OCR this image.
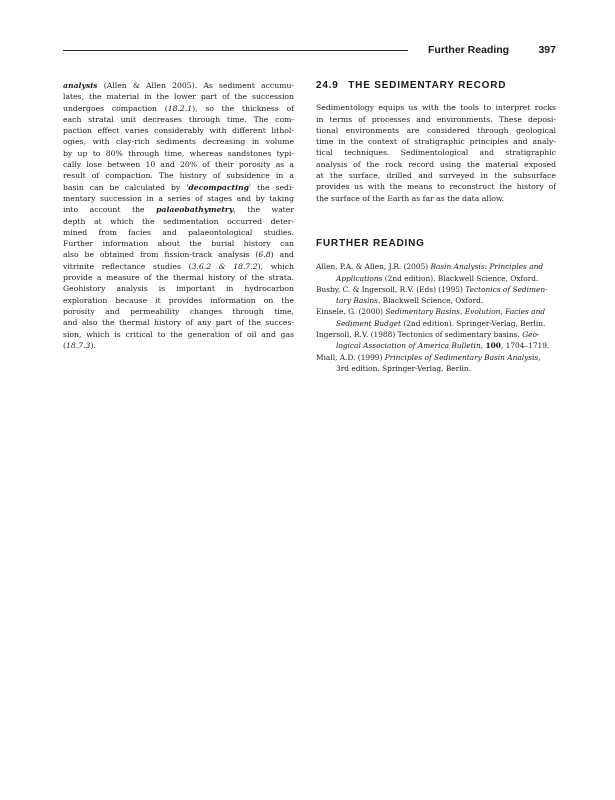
Further Reading	397
analysis (Allen & Allen 2005). As sediment accumu-
lates, the material in the lower part of the succession
undergoes compaction (18.2.1), so the thickness of
each stratal unit decreases through time. The com-
paction effect varies considerably with different lithol-
ogies, with clay-rich sediments decreasing in volume
by up to 80% through time, whereas sandstones typi-
cally lose between 10 and 20% of their porosity as a
result of compaction. The history of subsidence in a
basin can be calculated by 'decompacting' the sedi-
mentary succession in a series of stages and by taking
into account the palaeobathymetry, the water
depth at which the sedimentation occurred deter-
mined from facies and palaeontological studies.
Further information about the burial history can
also be obtained from fission-track analysis (6.8) and
vitrinite reflectance studies (3.6.2 & 18.7.2), which
provide a measure of the thermal history of the strata.
Geohistory analysis is important in hydrocarbon
exploration because it provides information on the
porosity and permeability changes through time,
and also the thermal history of any part of the succes-
sion, which is critical to the generation of oil and gas
(18.7.3).
24.9 THE SEDIMENTARY RECORD
Sedimentology equips us with the tools to interpret rocks
in terms of processes and environments. These deposi-
tional environments are considered through geological
time in the context of stratigraphic principles and analy-
tical techniques. Sedimentological and stratigraphic
analysis of the rock record using the material exposed
at the surface, drilled and surveyed in the subsurface
provides us with the means to reconstruct the history of
the surface of the Earth as far as the data allow.
FURTHER READING
Allen, P.A. & Allen, J.R. (2005) Basin Analysis: Principles and
Applications (2nd edition). Blackwell Science, Oxford.
Busby, C. & Ingersoll, R.V. (Eds) (1995) Tectonics of Sedimen-
tary Basins. Blackwell Science, Oxford.
Einsele, G. (2000) Sedimentary Basins, Evolution, Facies and
Sediment Budget (2nd edition). Springer-Verlag, Berlin.
Ingersoll, R.V. (1988) Tectonics of sedimentary basins. Geo-
logical Association of America Bulletin, 100, 1704–1719.
Miall, A.D. (1999) Principles of Sedimentary Basin Analysis,
3rd edition. Springer-Verlag, Berlin.
